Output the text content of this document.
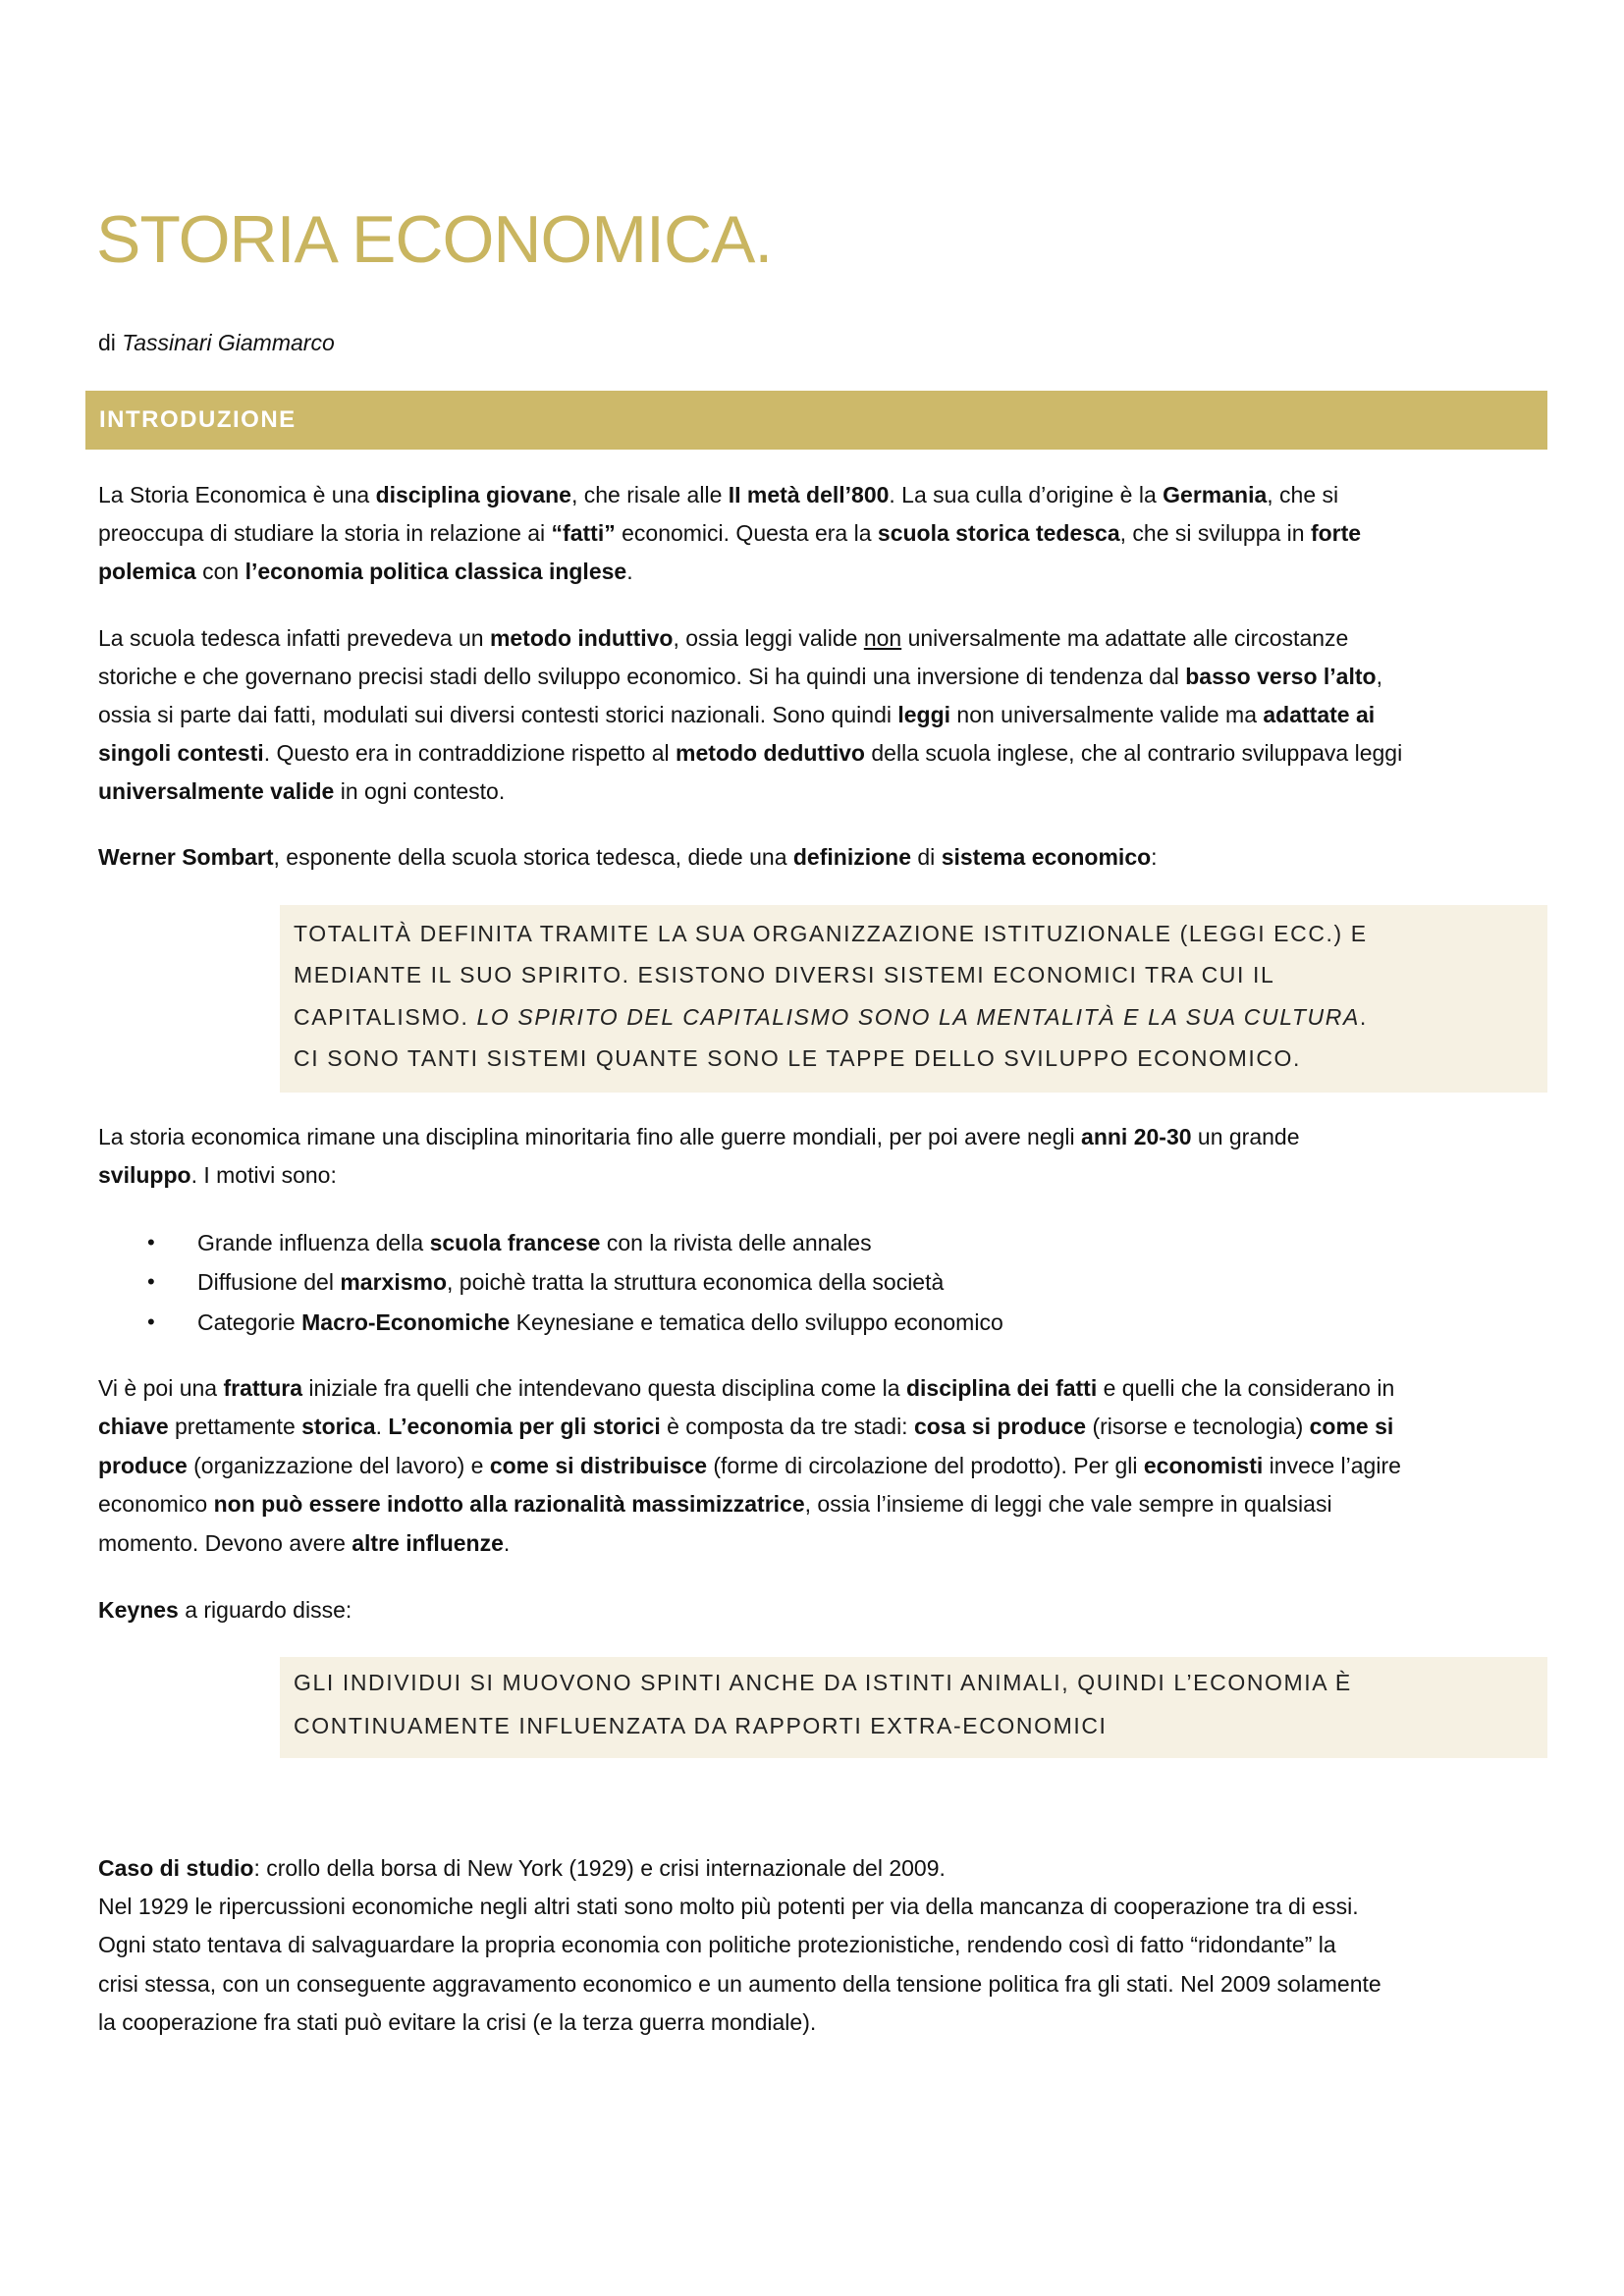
STORIA ECONOMICA.
di Tassinari Giammarco
INTRODUZIONE
La Storia Economica è una disciplina giovane, che risale alle II metà dell’800. La sua culla d’origine è la Germania, che si
preoccupa di studiare la storia in relazione ai “fatti” economici. Questa era la scuola storica tedesca, che si sviluppa in forte
polemica con l’economia politica classica inglese.
La scuola tedesca infatti prevedeva un metodo induttivo, ossia leggi valide non universalmente ma adattate alle circostanze
storiche e che governano precisi stadi dello sviluppo economico. Si ha quindi una inversione di tendenza dal basso verso l’alto,
ossia si parte dai fatti, modulati sui diversi contesti storici nazionali. Sono quindi leggi non universalmente valide ma adattate ai
singoli contesti. Questo era in contraddizione rispetto al metodo deduttivo della scuola inglese, che al contrario sviluppava leggi
universalmente valide in ogni contesto.
Werner Sombart, esponente della scuola storica tedesca, diede una definizione di sistema economico:
TOTALITÀ DEFINITA TRAMITE LA SUA ORGANIZZAZIONE ISTITUZIONALE (LEGGI ECC.) E
MEDIANTE IL SUO SPIRITO. ESISTONO DIVERSI SISTEMI ECONOMICI TRA CUI IL
CAPITALISMO. LO SPIRITO DEL CAPITALISMO SONO LA MENTALITÀ E LA SUA CULTURA.
CI SONO TANTI SISTEMI QUANTE SONO LE TAPPE DELLO SVILUPPO ECONOMICO.
La storia economica rimane una disciplina minoritaria fino alle guerre mondiali, per poi avere negli anni 20-30 un grande
sviluppo. I motivi sono:
• Grande influenza della scuola francese con la rivista delle annales
• Diffusione del marxismo, poichè tratta la struttura economica della società
• Categorie Macro-Economiche Keynesiane e tematica dello sviluppo economico
Vi è poi una frattura iniziale fra quelli che intendevano questa disciplina come la disciplina dei fatti e quelli che la considerano in
chiave prettamente storica. L’economia per gli storici è composta da tre stadi: cosa si produce (risorse e tecnologia) come si
produce (organizzazione del lavoro) e come si distribuisce (forme di circolazione del prodotto). Per gli economisti invece l’agire
economico non può essere indotto alla razionalità massimizzatrice, ossia l’insieme di leggi che vale sempre in qualsiasi
momento. Devono avere altre influenze.
Keynes a riguardo disse:
GLI INDIVIDUI SI MUOVONO SPINTI ANCHE DA ISTINTI ANIMALI, QUINDI L’ECONOMIA È
CONTINUAMENTE INFLUENZATA DA RAPPORTI EXTRA-ECONOMICI
Caso di studio: crollo della borsa di New York (1929) e crisi internazionale del 2009.
Nel 1929 le ripercussioni economiche negli altri stati sono molto più potenti per via della mancanza di cooperazione tra di essi.
Ogni stato tentava di salvaguardare la propria economia con politiche protezionistiche, rendendo così di fatto “ridondante” la
crisi stessa, con un conseguente aggravamento economico e un aumento della tensione politica fra gli stati. Nel 2009 solamente
la cooperazione fra stati può evitare la crisi (e la terza guerra mondiale).
